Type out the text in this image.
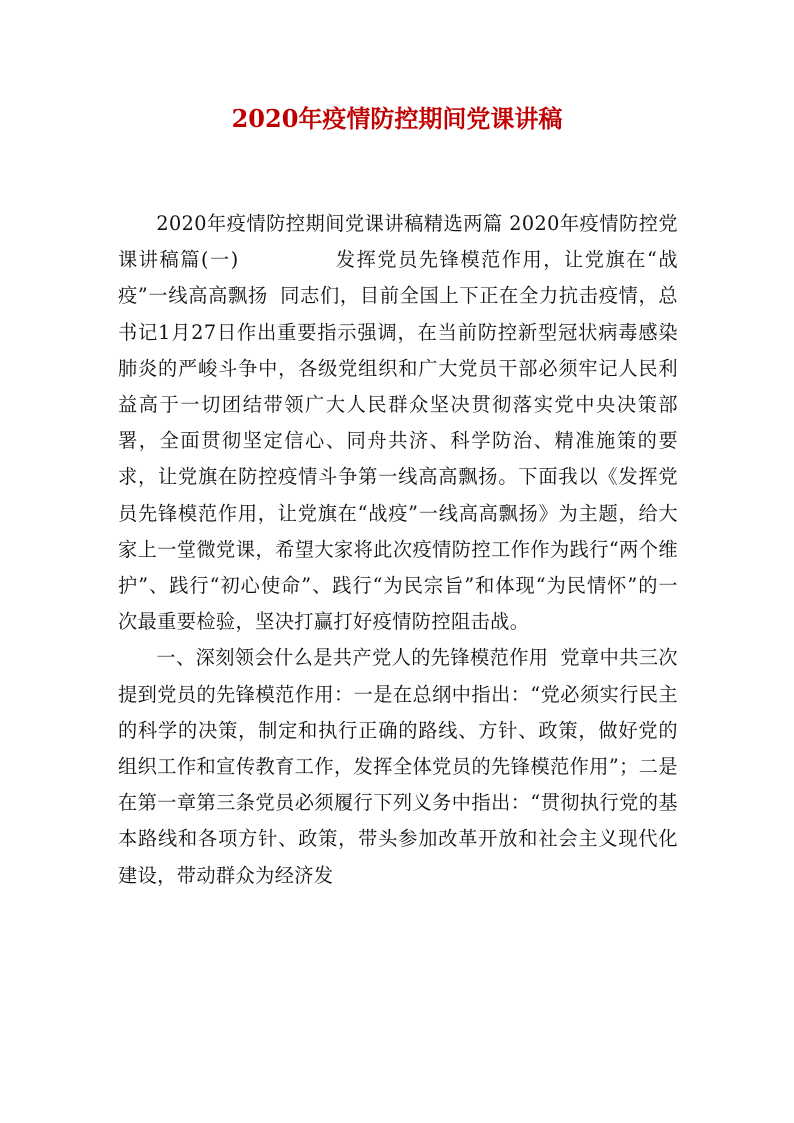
2020年疫情防控期间党课讲稿

2020年疫情防控期间党课讲稿精选两篇 2020年疫情防控党课讲稿篇(一)	发挥党员先锋模范作用，让党旗在“战疫”一线高高飘扬 同志们，目前全国上下正在全力抗击疫情，总书记1月27日作出重要指示强调，在当前防控新型冠状病毒感染肺炎的严峻斗争中，各级党组织和广大党员干部必须牢记人民利益高于一切团结带领广大人民群众坚决贯彻落实党中央决策部署，全面贯彻坚定信心、同舟共济、科学防治、精准施策的要求，让党旗在防控疫情斗争第一线高高飘扬。下面我以《发挥党员先锋模范作用，让党旗在“战疫”一线高高飘扬》为主题，给大家上一堂微党课，希望大家将此次疫情防控工作作为践行“两个维护”、践行“初心使命”、践行“为民宗旨”和体现“为民情怀”的一次最重要检验，坚决打赢打好疫情防控阻击战。

一、深刻领会什么是共产党人的先锋模范作用 党章中共三次提到党员的先锋模范作用：一是在总纲中指出：“党必须实行民主的科学的决策，制定和执行正确的路线、方针、政策，做好党的组织工作和宣传教育工作，发挥全体党员的先锋模范作用”；二是在第一章第三条党员必须履行下列义务中指出：“贯彻执行党的基本路线和各项方针、政策，带头参加改革开放和社会主义现代化建设，带动群众为经济发
